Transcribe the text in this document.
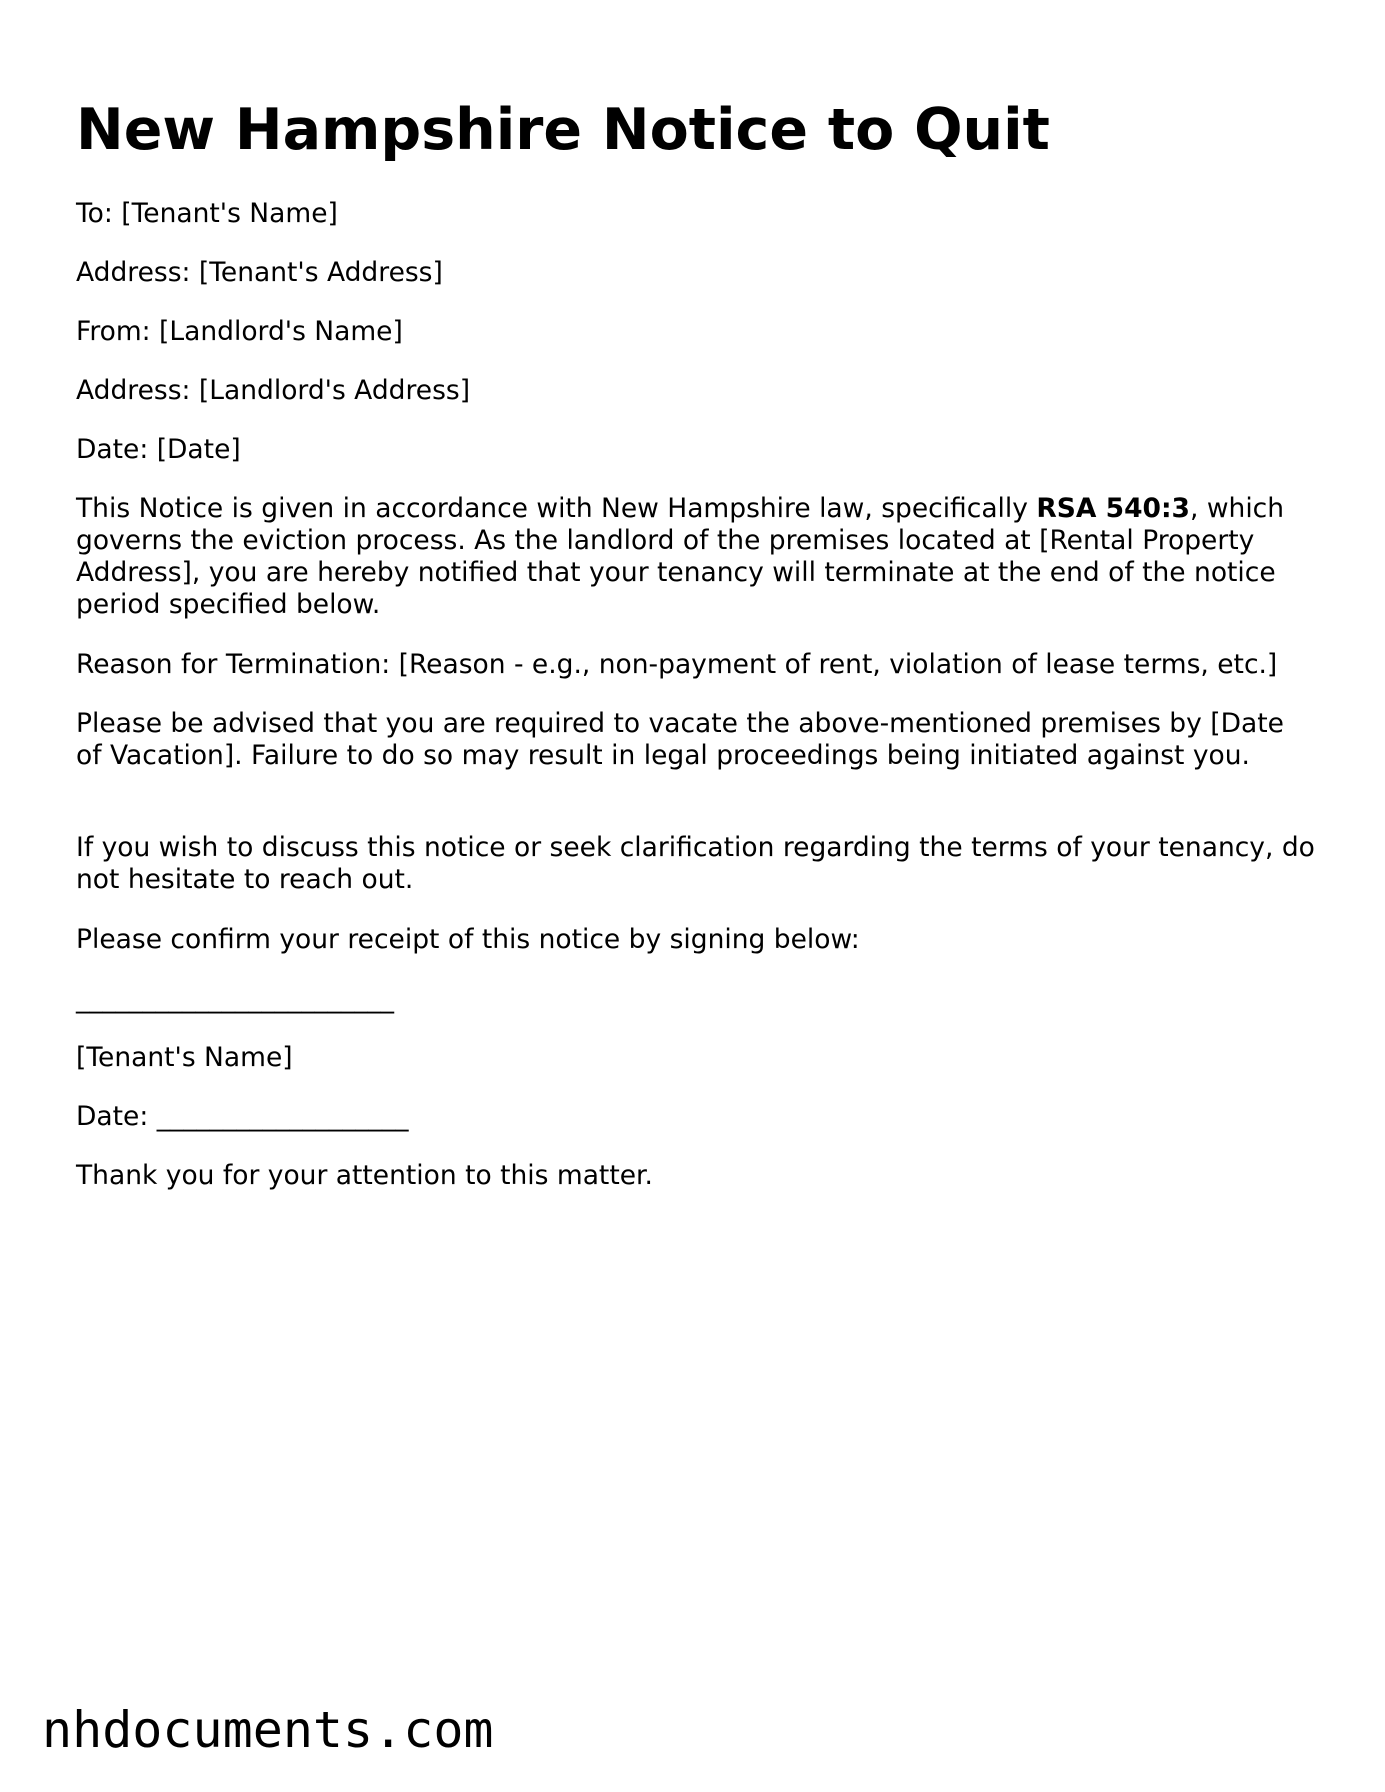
New Hampshire Notice to Quit

To: [Tenant's Name]

Address: [Tenant's Address]

From: [Landlord's Name]

Address: [Landlord's Address]

Date: [Date]

This Notice is given in accordance with New Hampshire law, specifically RSA 540:3, which governs the eviction process. As the landlord of the premises located at [Rental Property Address], you are hereby notified that your tenancy will terminate at the end of the notice period specified below.

Reason for Termination: [Reason - e.g., non-payment of rent, violation of lease terms, etc.]

Please be advised that you are required to vacate the above-mentioned premises by [Date of Vacation]. Failure to do so may result in legal proceedings being initiated against you.

If you wish to discuss this notice or seek clarification regarding the terms of your tenancy, do not hesitate to reach out.

Please confirm your receipt of this notice by signing below:

________________________

[Tenant's Name]

Date: ___________________

Thank you for your attention to this matter.

nhdocuments.com
